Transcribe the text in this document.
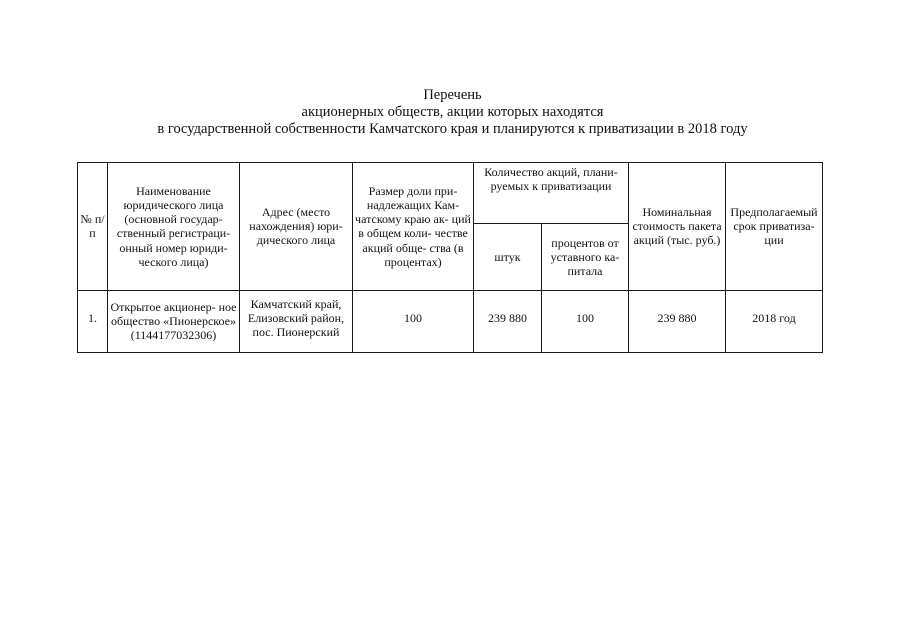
Перечень
акционерных обществ, акции которых находятся
в государственной собственности Камчатского края и планируются к приватизации в 2018 году
№ п/п	Наименование юридического лица (основной государ- ственный регистраци- онный номер юриди- ческого лица)	Адрес (место нахождения) юри- дического лица	Размер доли при- надлежащих Кам- чатскому краю ак- ций в общем коли- честве акций обще- ства (в процентах)	Количество акций, плани- руемых к приватизации		Номинальная стоимость пакета акций (тыс. руб.)	Предполагаемый срок приватиза- ции
				штук	процентов от уставного ка- питала		
1.	Открытое акционер- ное общество «Пионерское» (1144177032306)	Камчатский край, Елизовский район, пос. Пионерский	100	239 880	100	239 880	2018 год
